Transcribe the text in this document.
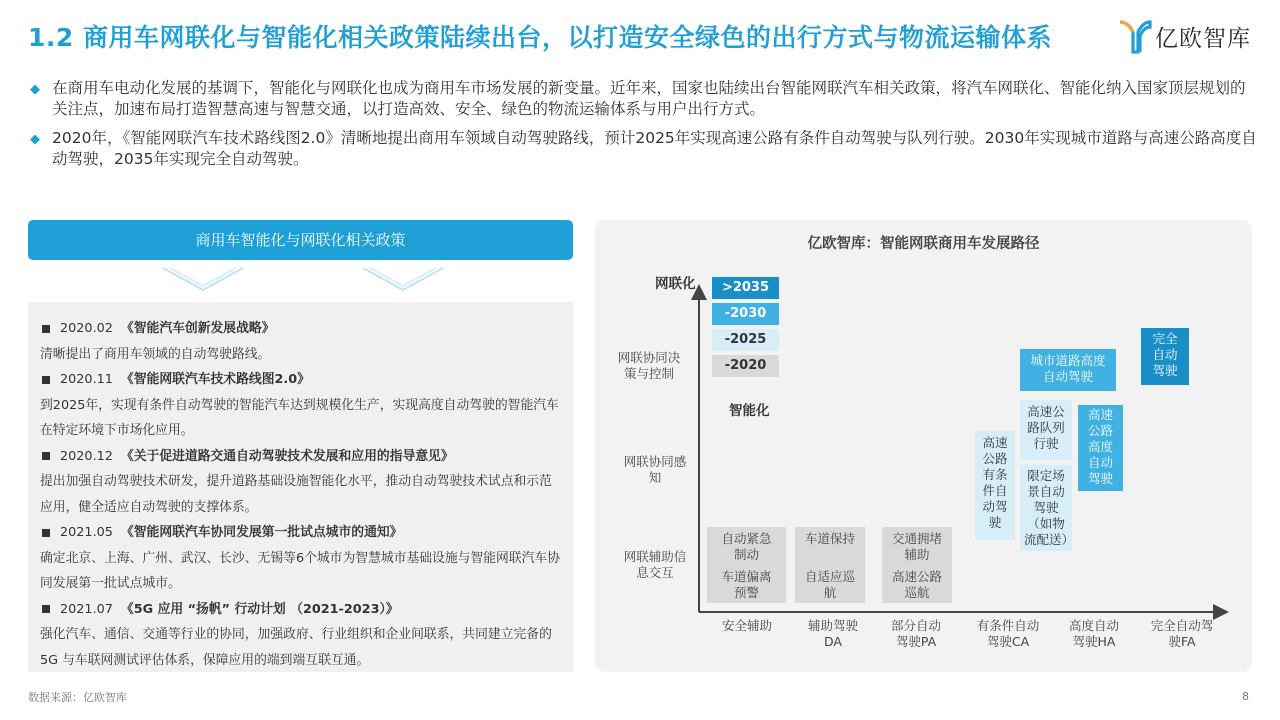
1.2 商用车网联化与智能化相关政策陆续出台，以打造安全绿色的出行方式与物流运输体系	亿欧智库
◆ 在商用车电动化发展的基调下，智能化与网联化也成为商用车市场发展的新变量。近年来，国家也陆续出台智能网联汽车相关政策，将汽车网联化、智能化纳入国家顶层规划的关注点，加速布局打造智慧高速与智慧交通，以打造高效、安全、绿色的物流运输体系与用户出行方式。
◆ 2020年，《智能网联汽车技术路线图2.0》清晰地提出商用车领域自动驾驶路线，预计2025年实现高速公路有条件自动驾驶与队列行驶。2030年实现城市道路与高速公路高度自动驾驶，2035年实现完全自动驾驶。
商用车智能化与网联化相关政策
2020.02 《智能汽车创新发展战略》
清晰提出了商用车领域的自动驾驶路线。
2020.11 《智能网联汽车技术路线图2.0》
到2025年，实现有条件自动驾驶的智能汽车达到规模化生产，实现高度自动驾驶的智能汽车在特定环境下市场化应用。
2020.12 《关于促进道路交通自动驾驶技术发展和应用的指导意见》
提出加强自动驾驶技术研发，提升道路基础设施智能化水平，推动自动驾驶技术试点和示范应用，健全适应自动驾驶的支撑体系。
2021.05 《智能网联汽车协同发展第一批试点城市的通知》
确定北京、上海、广州、武汉、长沙、无锡等6个城市为智慧城市基础设施与智能网联汽车协同发展第一批试点城市。
2021.07 《5G 应用 “扬帆” 行动计划 （2021-2023）》
强化汽车、通信、交通等行业的协同，加强政府、行业组织和企业间联系，共同建立完备的 5G 与车联网测试评估体系，保障应用的端到端互联互通。
亿欧智库：智能网联商用车发展路径
网联化
智能化
>2035
-2030
-2025
-2020
网联协同决策与控制
网联协同感知
网联辅助信息交互
安全辅助	辅助驾驶DA
部分自动驾驶PA
有条件自动驾驶CA
高度自动驾驶HA
完全自动驾驶FA
自动紧急制动
车道偏离预警
车道保持
自适应巡航
交通拥堵辅助
高速公路巡航
高速公路有条件自动驾驶
高速公路队列行驶
限定场景自动驾驶（如物流配送）
城市道路高度自动驾驶
高速公路高度自动驾驶
完全自动驾驶
数据来源：亿欧智库	8
